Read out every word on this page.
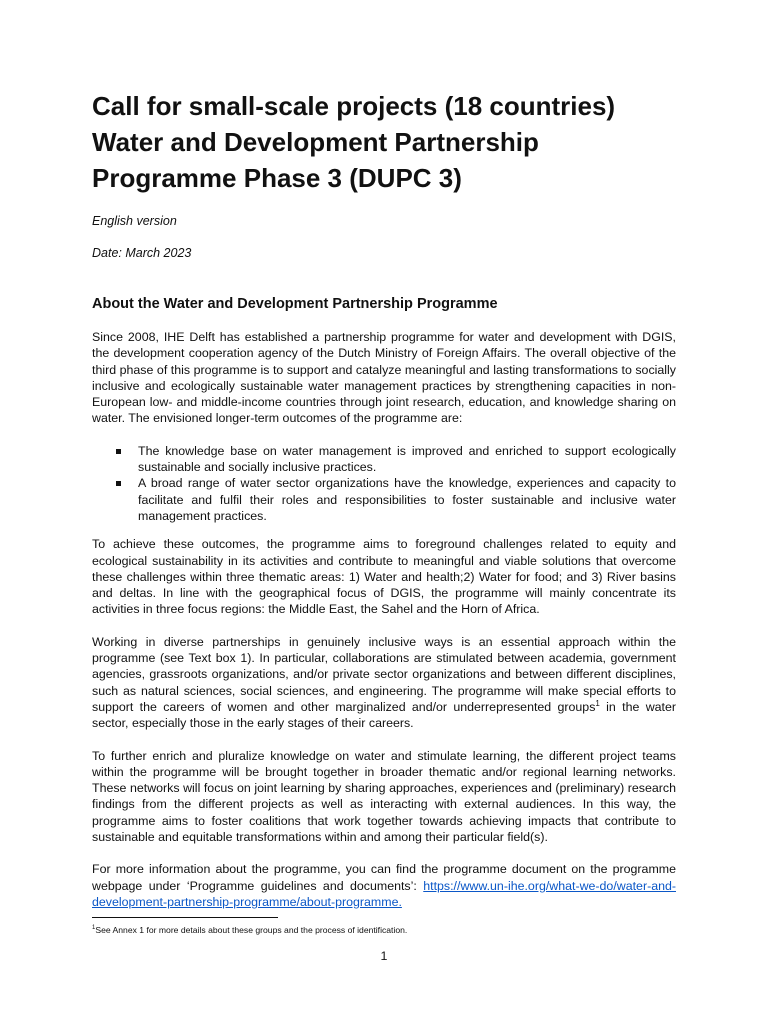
Call for small-scale projects (18 countries)
Water and Development Partnership
Programme Phase 3 (DUPC 3)

English version

Date: March 2023

About the Water and Development Partnership Programme

Since 2008, IHE Delft has established a partnership programme for water and development with DGIS, the development cooperation agency of the Dutch Ministry of Foreign Affairs. The overall objective of the third phase of this programme is to support and catalyze meaningful and lasting transformations to socially inclusive and ecologically sustainable water management practices by strengthening capacities in non-European low- and middle-income countries through joint research, education, and knowledge sharing on water. The envisioned longer-term outcomes of the programme are:

The knowledge base on water management is improved and enriched to support ecologically sustainable and socially inclusive practices.
A broad range of water sector organizations have the knowledge, experiences and capacity to facilitate and fulfil their roles and responsibilities to foster sustainable and inclusive water management practices.

To achieve these outcomes, the programme aims to foreground challenges related to equity and ecological sustainability in its activities and contribute to meaningful and viable solutions that overcome these challenges within three thematic areas: 1) Water and health;2) Water for food; and 3) River basins and deltas. In line with the geographical focus of DGIS, the programme will mainly concentrate its activities in three focus regions: the Middle East, the Sahel and the Horn of Africa.

Working in diverse partnerships in genuinely inclusive ways is an essential approach within the programme (see Text box 1). In particular, collaborations are stimulated between academia, government agencies, grassroots organizations, and/or private sector organizations and between different disciplines, such as natural sciences, social sciences, and engineering. The programme will make special efforts to support the careers of women and other marginalized and/or underrepresented groups$^1$ in the water sector, especially those in the early stages of their careers.

To further enrich and pluralize knowledge on water and stimulate learning, the different project teams within the programme will be brought together in broader thematic and/or regional learning networks. These networks will focus on joint learning by sharing approaches, experiences and (preliminary) research findings from the different projects as well as interacting with external audiences. In this way, the programme aims to foster coalitions that work together towards achieving impacts that contribute to sustainable and equitable transformations within and among their particular field(s).

For more information about the programme, you can find the programme document on the programme webpage under ‘Programme guidelines and documents’: https://www.un-ihe.org/what-we-do/water-and-development-partnership-programme/about-programme.

$^1$See Annex 1 for more details about these groups and the process of identification.

1
